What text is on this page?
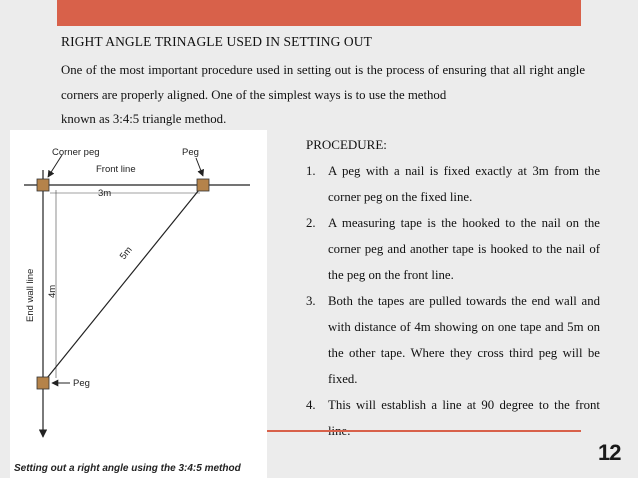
RIGHT ANGLE TRINAGLE USED IN SETTING OUT
One of the most important procedure used in setting out is the process of ensuring that all right angle corners are properly aligned. One of the simplest ways is to use the method
known as 3:4:5 triangle method.
Corner peg	Peg
Front line
3m
5m
4m
End wall line
Peg
Setting out a right angle using the 3:4:5 method
PROCEDURE:
1. A peg with a nail is fixed exactly at 3m from the corner peg on the fixed line.
2. A measuring tape is the hooked to the nail on the corner peg and another tape is hooked to the nail of the peg on the front line.
3. Both the tapes are pulled towards the end wall and with distance of 4m showing on one tape and 5m on the other tape. Where they cross third peg will be fixed.
4. This will establish a line at 90 degree to the front
12
